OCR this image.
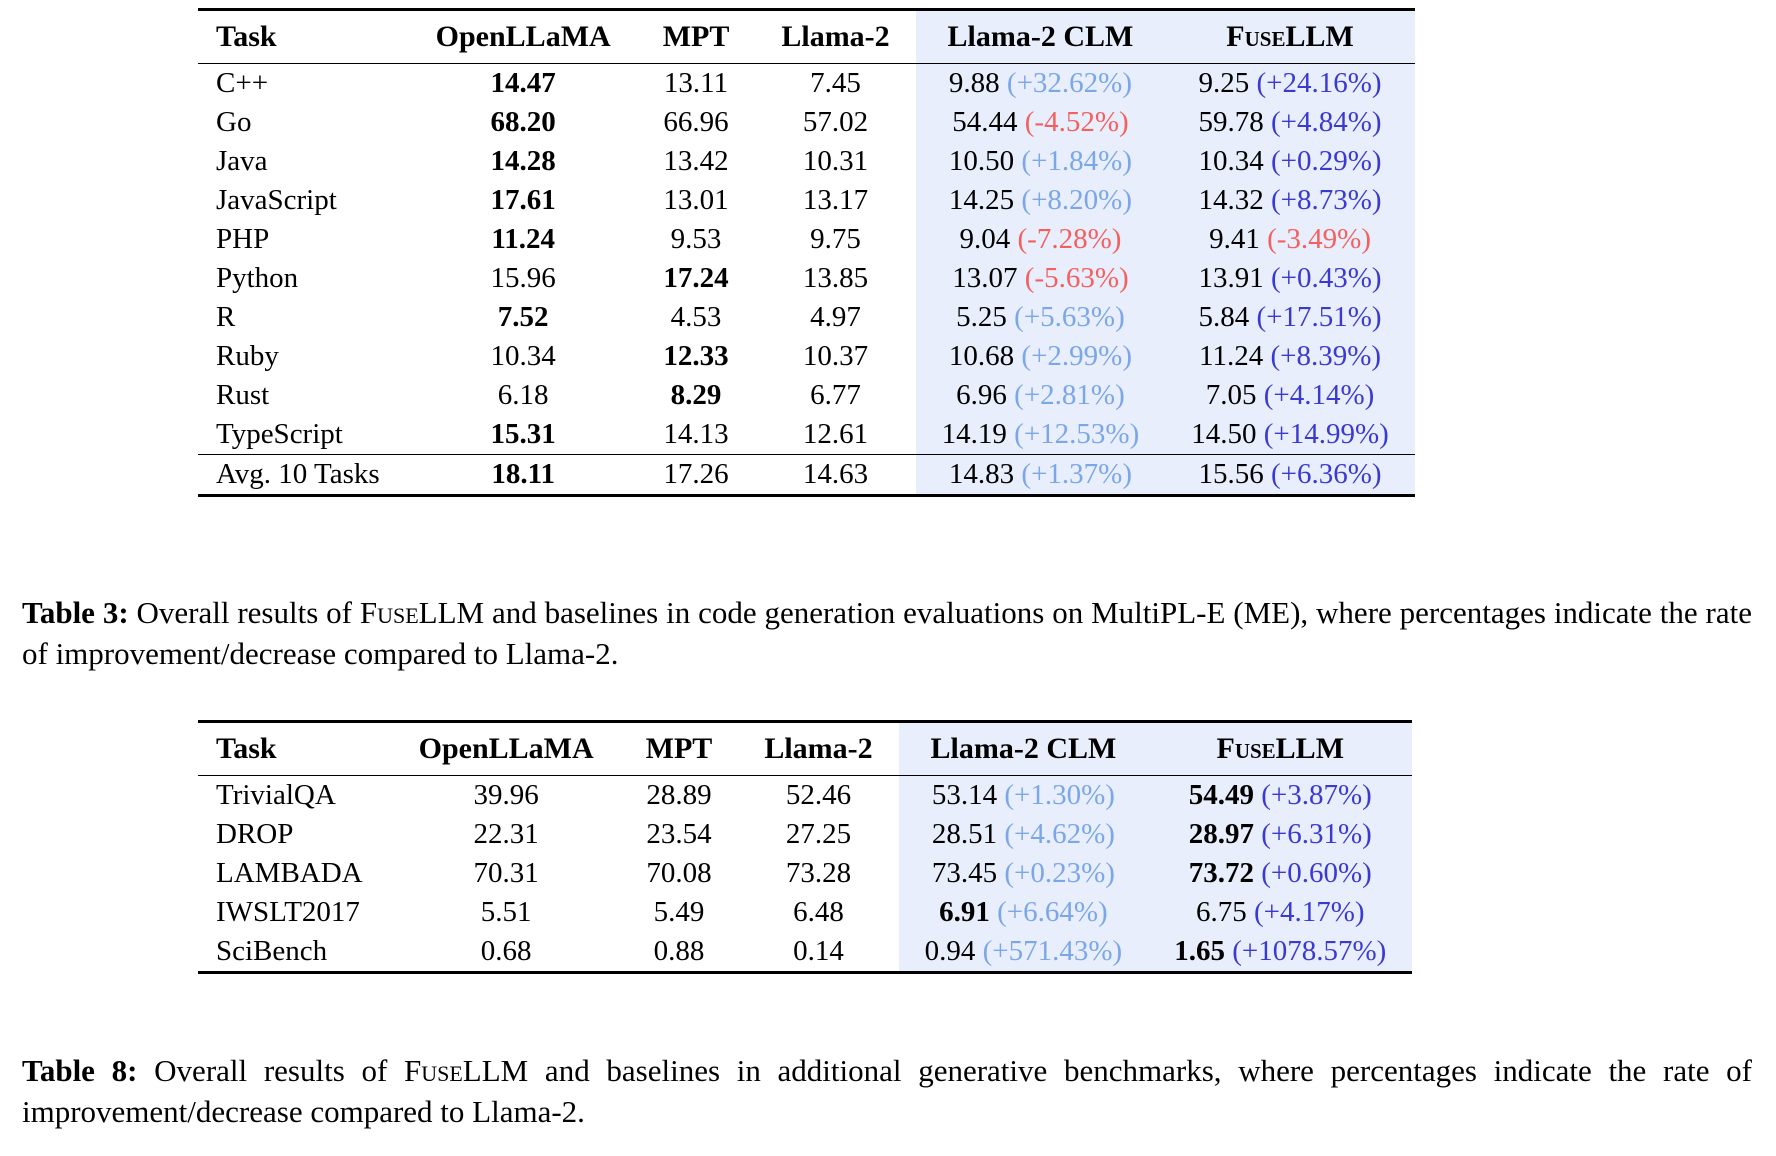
Task	OpenLLaMA	MPT	Llama-2	Llama-2 CLM	FuseLLM
C++	14.47	13.11	7.45	9.88 (+32.62%)	9.25 (+24.16%)
Go	68.20	66.96	57.02	54.44 (-4.52%)	59.78 (+4.84%)
Java	14.28	13.42	10.31	10.50 (+1.84%)	10.34 (+0.29%)
JavaScript	17.61	13.01	13.17	14.25 (+8.20%)	14.32 (+8.73%)
PHP	11.24	9.53	9.75	9.04 (-7.28%)	9.41 (-3.49%)
Python	15.96	17.24	13.85	13.07 (-5.63%)	13.91 (+0.43%)
R	7.52	4.53	4.97	5.25 (+5.63%)	5.84 (+17.51%)
Ruby	10.34	12.33	10.37	10.68 (+2.99%)	11.24 (+8.39%)
Rust	6.18	8.29	6.77	6.96 (+2.81%)	7.05 (+4.14%)
TypeScript	15.31	14.13	12.61	14.19 (+12.53%)	14.50 (+14.99%)
Avg. 10 Tasks	18.11	17.26	14.63	14.83 (+1.37%)	15.56 (+6.36%)

Table 3: Overall results of FuseLLM and baselines in code generation evaluations on MultiPL-E (ME), where percentages indicate the rate of improvement/decrease compared to Llama-2.

Task	OpenLLaMA	MPT	Llama-2	Llama-2 CLM	FuseLLM
TrivialQA	39.96	28.89	52.46	53.14 (+1.30%)	54.49 (+3.87%)
DROP	22.31	23.54	27.25	28.51 (+4.62%)	28.97 (+6.31%)
LAMBADA	70.31	70.08	73.28	73.45 (+0.23%)	73.72 (+0.60%)
IWSLT2017	5.51	5.49	6.48	6.91 (+6.64%)	6.75 (+4.17%)
SciBench	0.68	0.88	0.14	0.94 (+571.43%)	1.65 (+1078.57%)

Table 8: Overall results of FuseLLM and baselines in additional generative benchmarks, where percentages indicate the rate of improvement/decrease compared to Llama-2.
